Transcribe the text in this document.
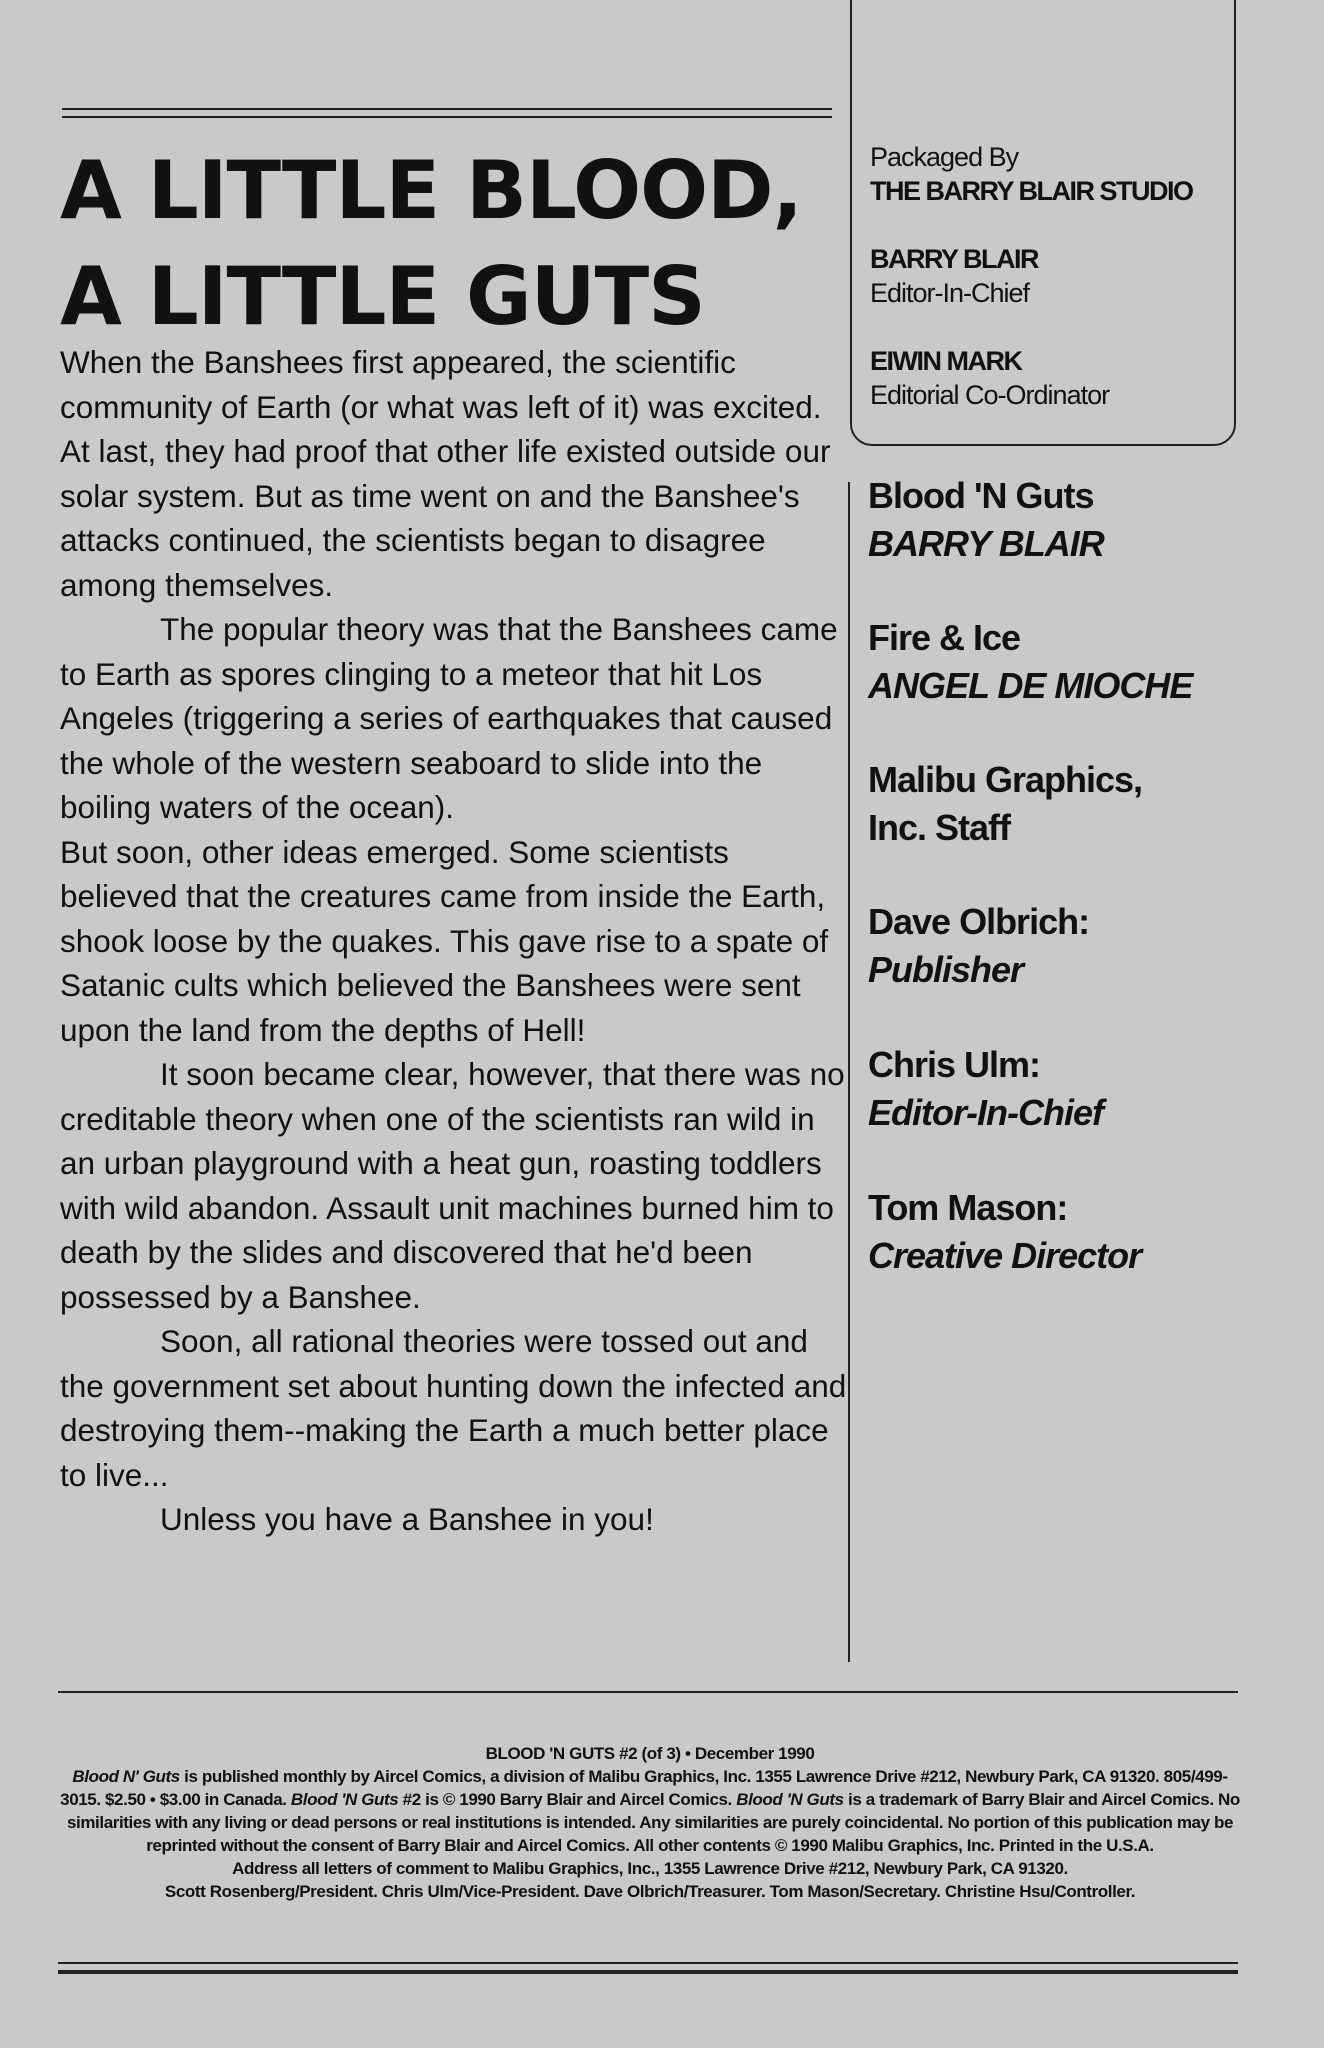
A LITTLE BLOOD,
A LITTLE GUTS

When the Banshees first appeared, the scientific community of Earth (or what was left of it) was excited. At last, they had proof that other life existed outside our solar system. But as time went on and the Banshee's attacks continued, the scientists began to disagree among themselves.

The popular theory was that the Banshees came to Earth as spores clinging to a meteor that hit Los Angeles (triggering a series of earthquakes that caused the whole of the western seaboard to slide into the boiling waters of the ocean).

But soon, other ideas emerged. Some scientists believed that the creatures came from inside the Earth, shook loose by the quakes. This gave rise to a spate of Satanic cults which believed the Banshees were sent upon the land from the depths of Hell!

It soon became clear, however, that there was no creditable theory when one of the scientists ran wild in an urban playground with a heat gun, roasting toddlers with wild abandon. Assault unit machines burned him to death by the slides and discovered that he'd been possessed by a Banshee.

Soon, all rational theories were tossed out and the government set about hunting down the infected and destroying them--making the Earth a much better place to live...

Unless you have a Banshee in you!

Packaged By
THE BARRY BLAIR STUDIO
BARRY BLAIR
Editor-In-Chief
EIWIN MARK
Editorial Co-Ordinator
Blood 'N Guts
BARRY BLAIR
Fire & Ice
ANGEL DE MIOCHE
Malibu Graphics,
Inc. Staff
Dave Olbrich:
Publisher
Chris Ulm:
Editor-In-Chief
Tom Mason:
Creative Director
BLOOD 'N GUTS #2 (of 3) • December 1990
Blood N' Guts is published monthly by Aircel Comics, a division of Malibu Graphics, Inc. 1355 Lawrence Drive #212, Newbury Park, CA 91320. 805/499-3015. $2.50 • $3.00 in Canada. Blood 'N Guts #2 is © 1990 Barry Blair and Aircel Comics. Blood 'N Guts is a trademark of Barry Blair and Aircel Comics. No similarities with any living or dead persons or real institutions is intended. Any similarities are purely coincidental. No portion of this publication may be reprinted without the consent of Barry Blair and Aircel Comics. All other contents © 1990 Malibu Graphics, Inc. Printed in the U.S.A.
Address all letters of comment to Malibu Graphics, Inc., 1355 Lawrence Drive #212, Newbury Park, CA 91320.
Scott Rosenberg/President. Chris Ulm/Vice-President. Dave Olbrich/Treasurer. Tom Mason/Secretary. Christine Hsu/Controller.
